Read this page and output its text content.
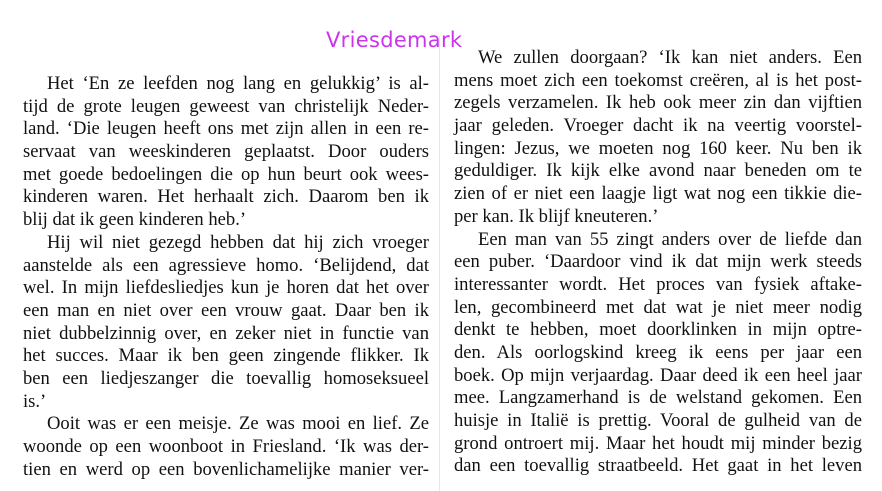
Vriesdemark
Het ‘En ze leefden nog lang en gelukkig’ is al-
tijd de grote leugen geweest van christelijk Neder-
land. ‘Die leugen heeft ons met zijn allen in een re-
servaat van weeskinderen geplaatst. Door ouders
met goede bedoelingen die op hun beurt ook wees-
kinderen waren. Het herhaalt zich. Daarom ben ik
blij dat ik geen kinderen heb.’
Hij wil niet gezegd hebben dat hij zich vroeger
aanstelde als een agressieve homo. ‘Belijdend, dat
wel. In mijn liefdesliedjes kun je horen dat het over
een man en niet over een vrouw gaat. Daar ben ik
niet dubbelzinnig over, en zeker niet in functie van
het succes. Maar ik ben geen zingende flikker. Ik
ben een liedjeszanger die toevallig homoseksueel
is.’
Ooit was er een meisje. Ze was mooi en lief. Ze
woonde op een woonboot in Friesland. ‘Ik was der-
tien en werd op een bovenlichamelijke manier ver-
We zullen doorgaan? ‘Ik kan niet anders. Een
mens moet zich een toekomst creëren, al is het post-
zegels verzamelen. Ik heb ook meer zin dan vijftien
jaar geleden. Vroeger dacht ik na veertig voorstel-
lingen: Jezus, we moeten nog 160 keer. Nu ben ik
geduldiger. Ik kijk elke avond naar beneden om te
zien of er niet een laagje ligt wat nog een tikkie die-
per kan. Ik blijf kneuteren.’
Een man van 55 zingt anders over de liefde dan
een puber. ‘Daardoor vind ik dat mijn werk steeds
interessanter wordt. Het proces van fysiek aftake-
len, gecombineerd met dat wat je niet meer nodig
denkt te hebben, moet doorklinken in mijn optre-
den. Als oorlogskind kreeg ik eens per jaar een
boek. Op mijn verjaardag. Daar deed ik een heel jaar
mee. Langzamerhand is de welstand gekomen. Een
huisje in Italië is prettig. Vooral de gulheid van de
grond ontroert mij. Maar het houdt mij minder bezig
dan een toevallig straatbeeld. Het gaat in het leven
